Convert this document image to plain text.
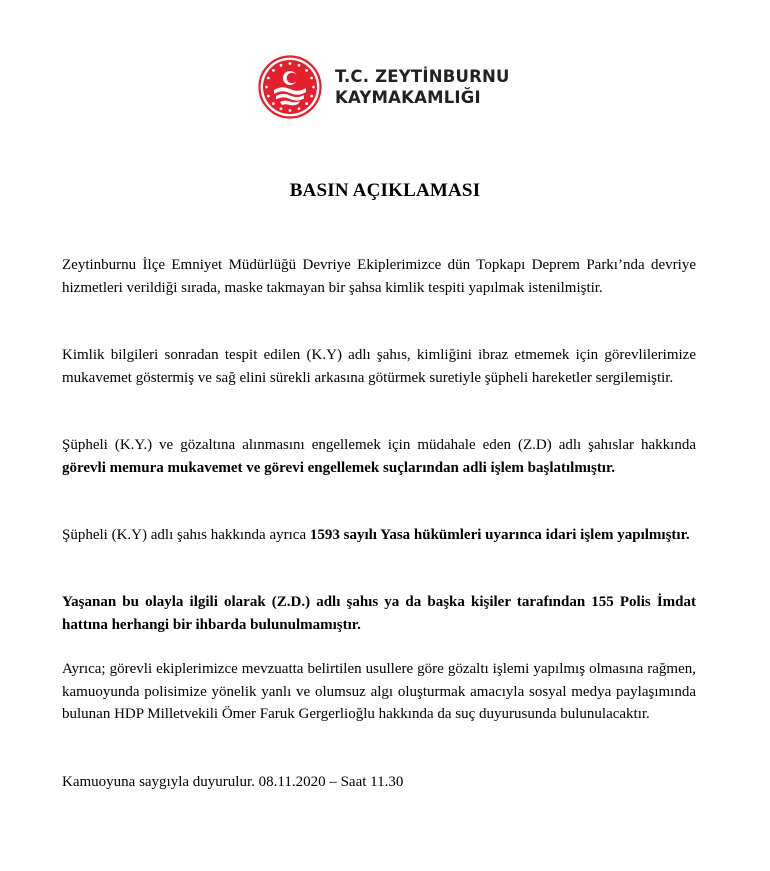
T.C. ZEYTİNBURNU
KAYMAKAMLIĞI
BASIN AÇIKLAMASI

Zeytinburnu İlçe Emniyet Müdürlüğü Devriye Ekiplerimizce dün Topkapı Deprem Parkı’nda devriye hizmetleri verildiği sırada, maske takmayan bir şahsa kimlik tespiti yapılmak istenilmiştir.

Kimlik bilgileri sonradan tespit edilen (K.Y) adlı şahıs, kimliğini ibraz etmemek için görevlilerimize mukavemet göstermiş ve sağ elini sürekli arkasına götürmek suretiyle şüpheli hareketler sergilemiştir.

Şüpheli (K.Y.) ve gözaltına alınmasını engellemek için müdahale eden (Z.D) adlı şahıslar hakkında görevli memura mukavemet ve görevi engellemek suçlarından adli işlem başlatılmıştır.

Şüpheli (K.Y) adlı şahıs hakkında ayrıca 1593 sayılı Yasa hükümleri uyarınca idari işlem yapılmıştır.

Yaşanan bu olayla ilgili olarak (Z.D.) adlı şahıs ya da başka kişiler tarafından 155 Polis İmdat hattına herhangi bir ihbarda bulunulmamıştır.

Ayrıca; görevli ekiplerimizce mevzuatta belirtilen usullere göre gözaltı işlemi yapılmış olmasına rağmen, kamuoyunda polisimize yönelik yanlı ve olumsuz algı oluşturmak amacıyla sosyal medya paylaşımında bulunan HDP Milletvekili Ömer Faruk Gergerlioğlu hakkında da suç duyurusunda bulunulacaktır.

Kamuoyuna saygıyla duyurulur. 08.11.2020 – Saat 11.30
